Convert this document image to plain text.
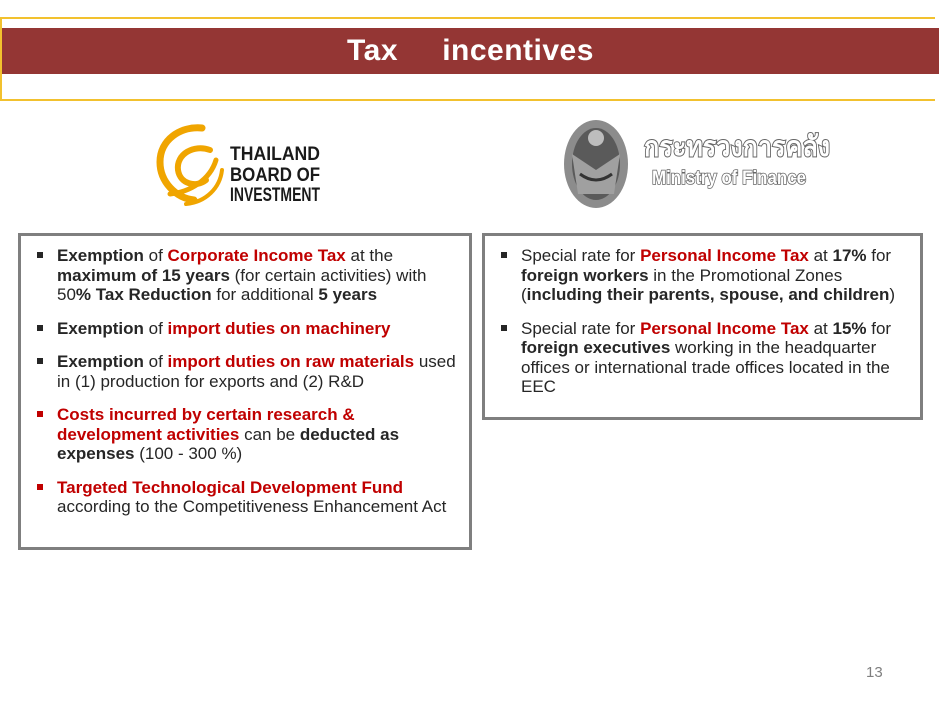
Tax     incentives
THAILAND
BOARD OF
INVESTMENT
กระทรวงการคลัง
Ministry of Finance
Exemption of Corporate Income Tax at the maximum of 15 years (for certain activities) with 50% Tax Reduction for additional 5 years
Exemption of import duties on machinery
Exemption of import duties on raw materials used in (1) production for exports and (2) R&D
Costs incurred by certain research & development activities can be deducted as expenses (100 - 300 %)
Targeted Technological Development Fund according to the Competitiveness Enhancement Act
Special rate for Personal Income Tax at 17% for foreign workers in the Promotional Zones (including their parents, spouse, and children)
Special rate for Personal Income Tax at 15% for foreign executives working in the headquarter offices or international trade offices located in the EEC
13
